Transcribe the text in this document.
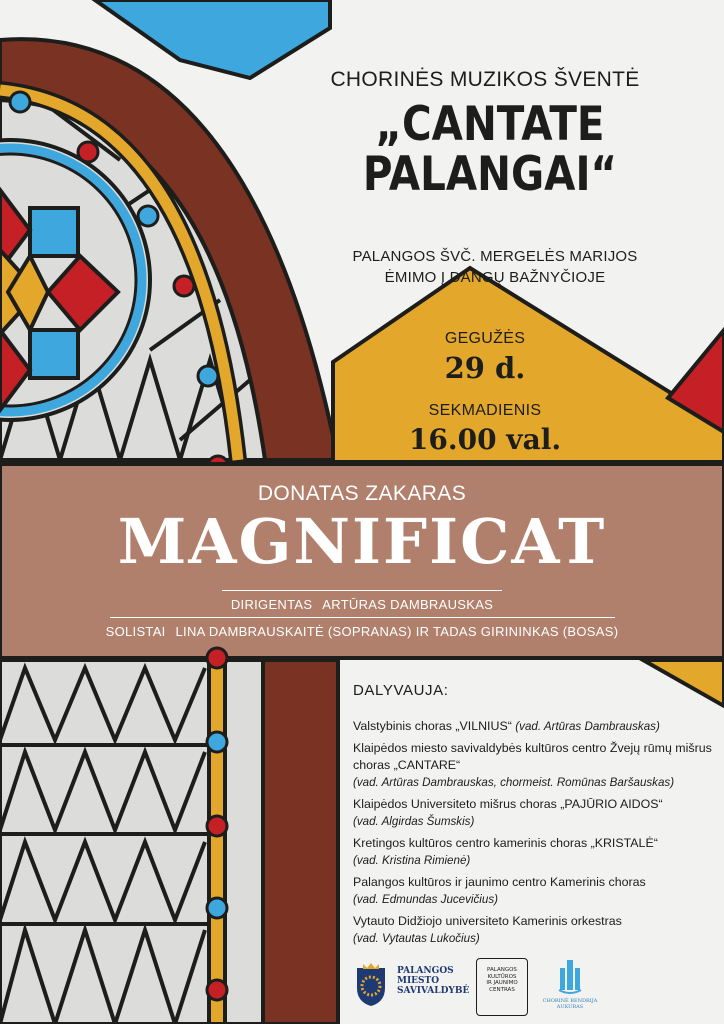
CHORINĖS MUZIKOS ŠVENTĖ
„CANTATE
PALANGAI“
PALANGOS ŠVČ. MERGELĖS MARIJOS
ĖMIMO Į DANGŲ BAŽNYČIOJE
GEGUŽĖS
29 d.
SEKMADIENIS
16.00 val.
DONATAS ZAKARAS
MAGNIFICAT
DIRIGENTAS ARTŪRAS DAMBRAUSKAS
SOLISTAI LINA DAMBRAUSKAITĖ (SOPRANAS) IR TADAS GIRININKAS (BOSAS)
DALYVAUJA:
Valstybinis choras „VILNIUS“ (vad. Artūras Dambrauskas)
Klaipėdos miesto savivaldybės kultūros centro Žvejų rūmų mišrus choras „CANTARE“
(vad. Artūras Dambrauskas, chormeist. Romūnas Baršauskas)
Klaipėdos Universiteto mišrus choras „PAJŪRIO AIDOS“
(vad. Algirdas Šumskis)
Kretingos kultūros centro kamerinis choras „KRISTALĖ“
(vad. Kristina Rimienė)
Palangos kultūros ir jaunimo centro Kamerinis choras
(vad. Edmundas Jucevičius)
Vytauto Didžiojo universiteto Kamerinis orkestras
(vad. Vytautas Lukočius)
PALANGOS
MIESTO
SAVIVALDYBĖ
PALANGOS
KULTŪROS
IR JAUNIMO
CENTRAS
CHORINĖ BENDRIJA
AUKURAS
